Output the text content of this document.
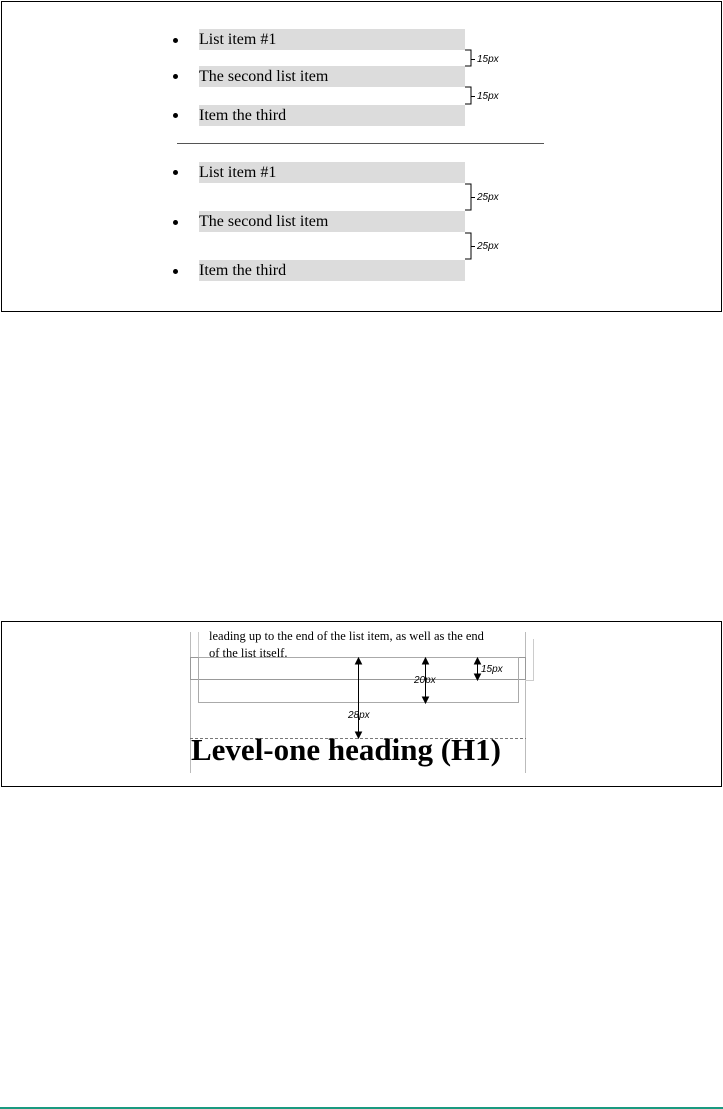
List item #1
The second list item
Item the third
15px
15px
List item #1
The second list item
Item the third
25px
25px
leading up to the end of the list item, as well as the end
of the list itself.
15px
20px
28px
Level-one heading (H1)
